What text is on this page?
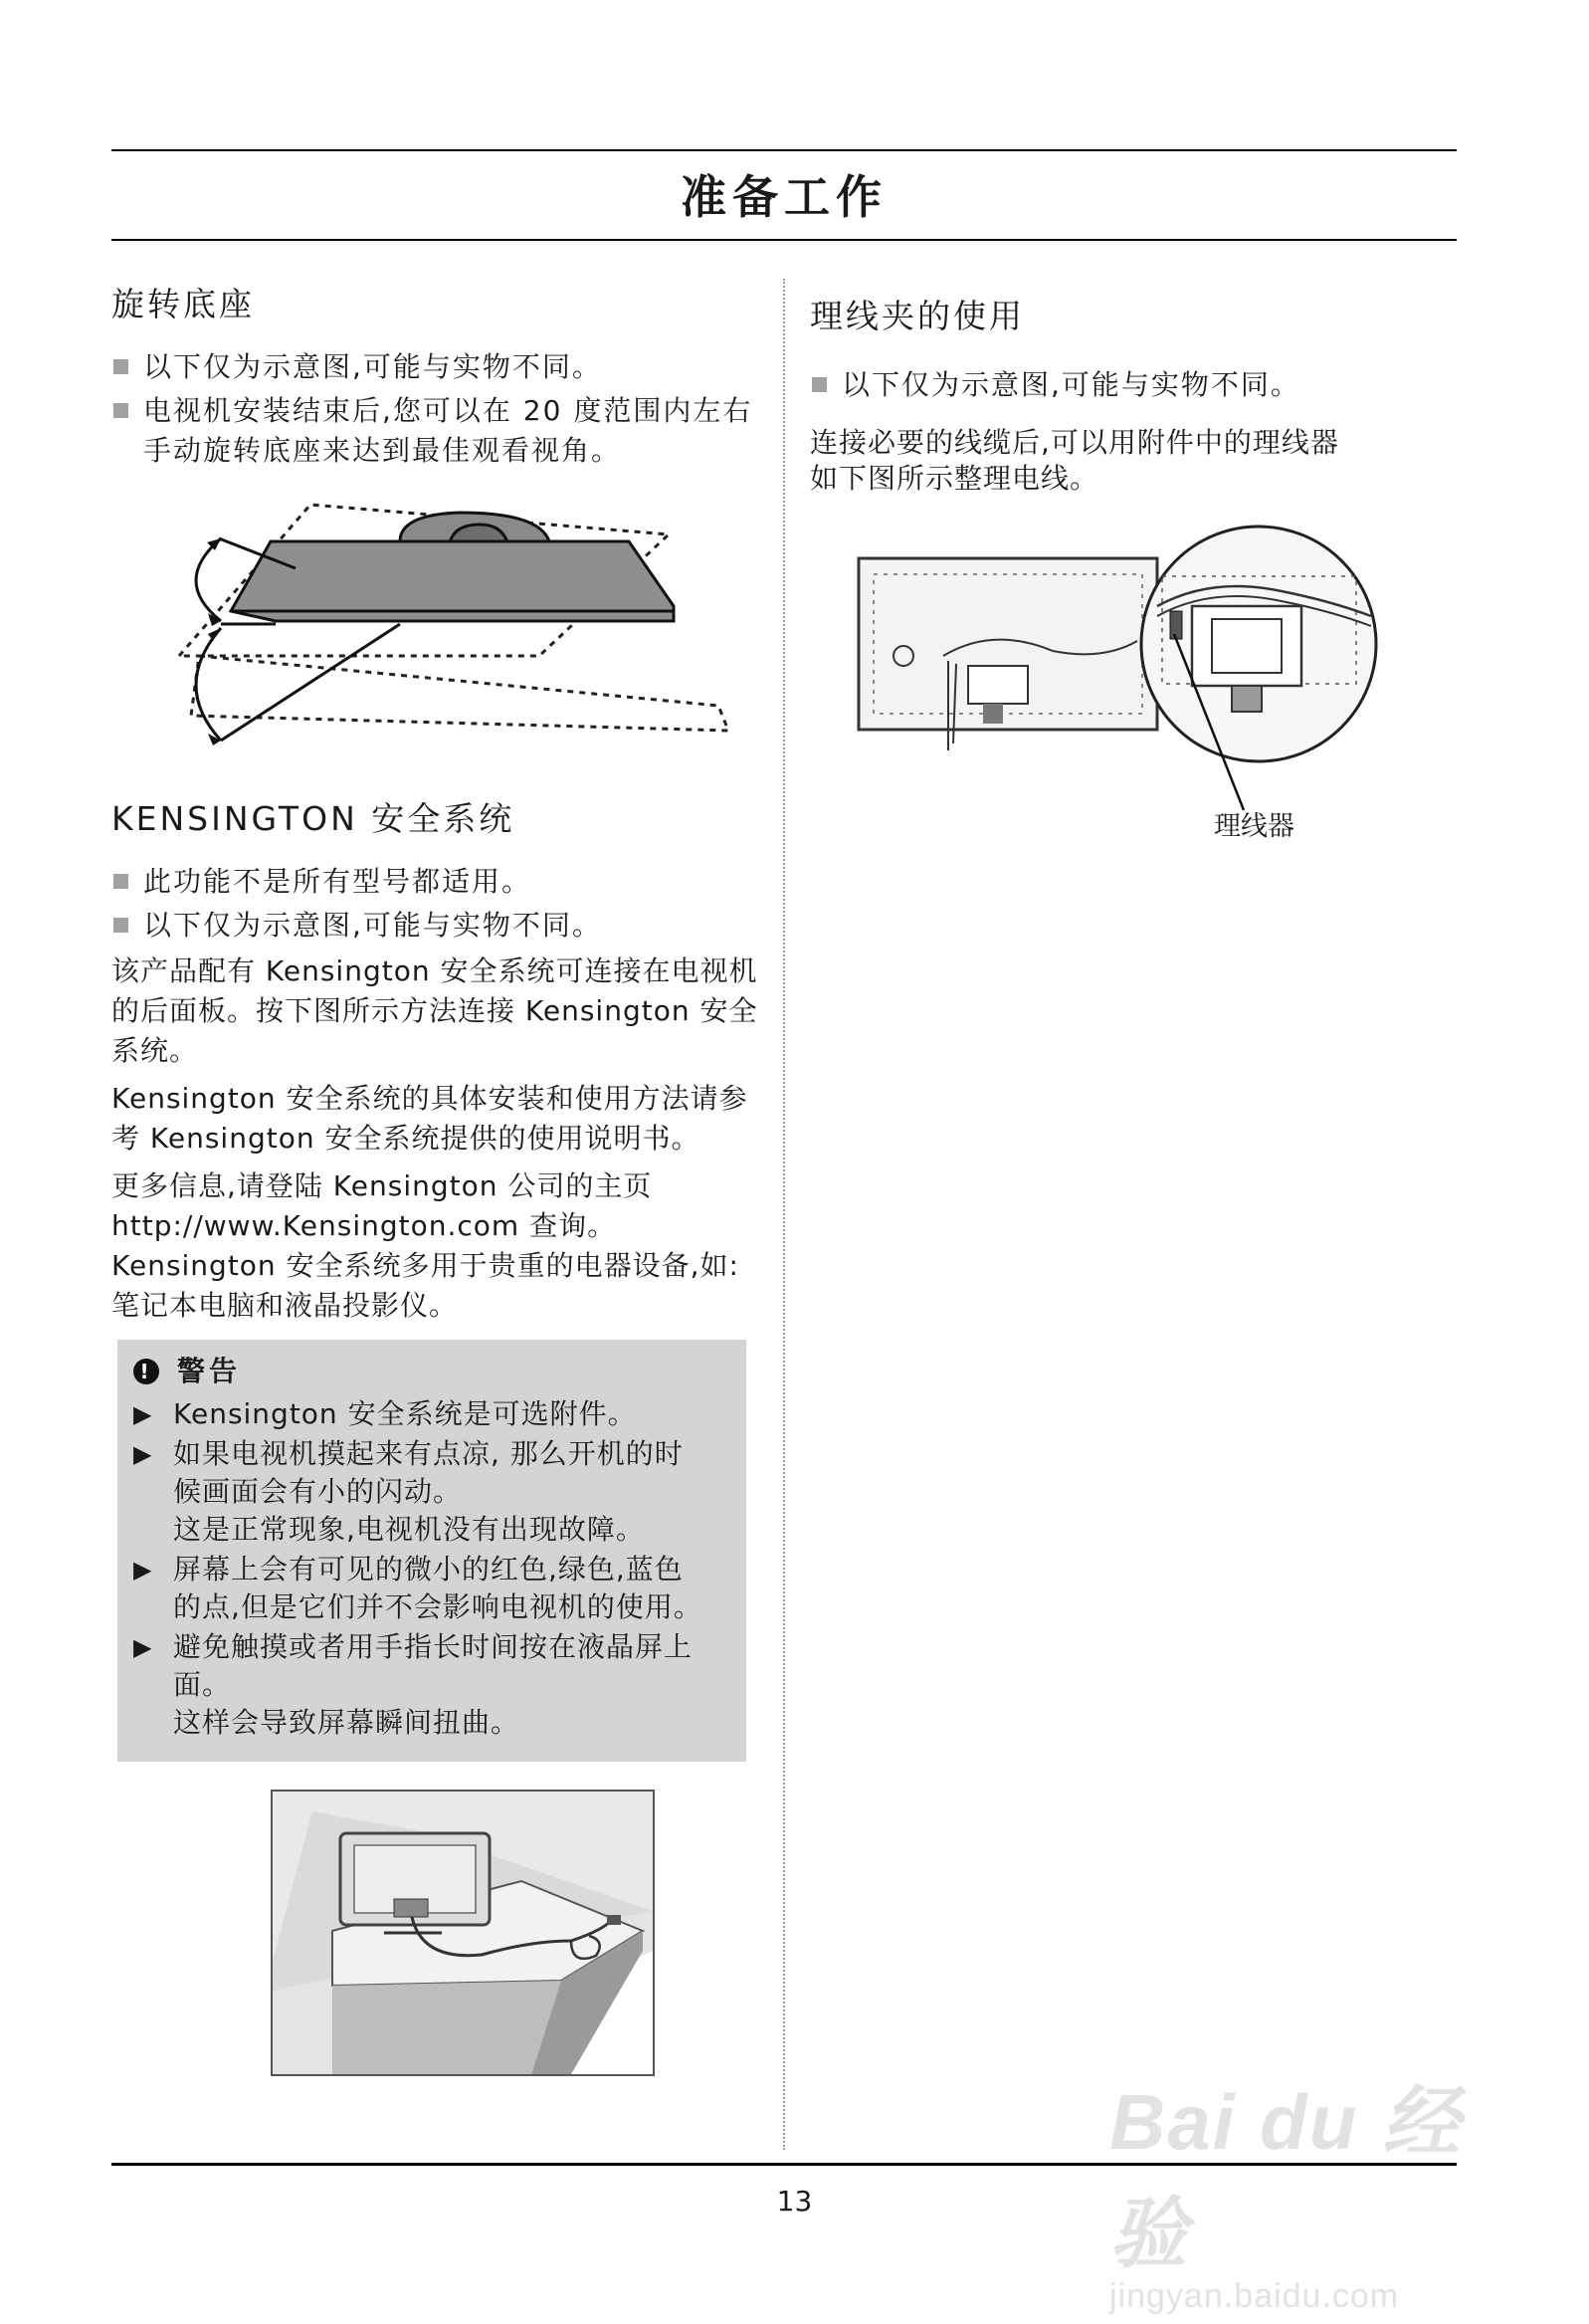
准备工作
旋转底座
以下仅为示意图,可能与实物不同。
电视机安装结束后,您可以在 20 度范围内左右手动旋转底座来达到最佳观看视角。
KENSINGTON 安全系统
此功能不是所有型号都适用。
以下仅为示意图,可能与实物不同。

该产品配有 Kensington 安全系统可连接在电视机的后面板。按下图所示方法连接 Kensington 安全系统。

Kensington 安全系统的具体安装和使用方法请参考 Kensington 安全系统提供的使用说明书。

更多信息,请登陆 Kensington 公司的主页 http://www.Kensington.com 查询。Kensington 安全系统多用于贵重的电器设备,如:笔记本电脑和液晶投影仪。

! 警告
▶ Kensington 安全系统是可选附件。
▶ 如果电视机摸起来有点凉, 那么开机的时
候画面会有小的闪动。
这是正常现象,电视机没有出现故障。
▶ 屏幕上会有可见的微小的红色,绿色,蓝色
的点,但是它们并不会影响电视机的使用。
▶ 避免触摸或者用手指长时间按在液晶屏上面。
这样会导致屏幕瞬间扭曲。
理线夹的使用
以下仅为示意图,可能与实物不同。

连接必要的线缆后,可以用附件中的理线器
如下图所示整理电线。

理线器
13
Bai du 经验
jingyan.baidu.com
